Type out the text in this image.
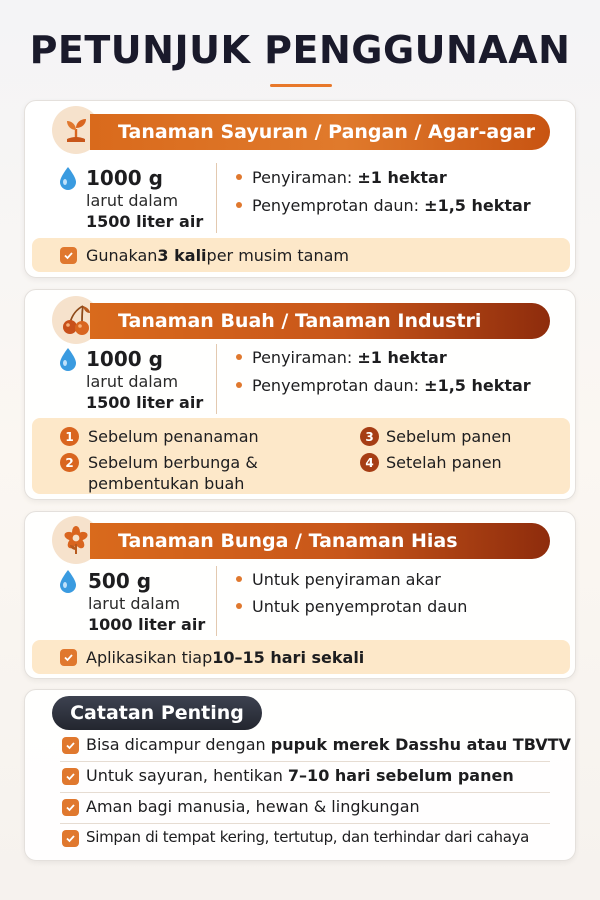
PETUNJUK PENGGUNAAN
Tanaman Sayuran / Pangan / Agar-agar
1000 g
larut dalam
1500 liter air
Penyiraman: ±1 hektar
Penyemprotan daun: ±1,5 hektar
Gunakan 3 kali per musim tanam
Tanaman Buah / Tanaman Industri
1000 g
larut dalam
1500 liter air
Penyiraman: ±1 hektar
Penyemprotan daun: ±1,5 hektar
1 Sebelum penanaman
2 Sebelum berbunga &
pembentukan buah
3 Sebelum panen
4 Setelah panen
Tanaman Bunga / Tanaman Hias
500 g
larut dalam
1000 liter air
Untuk penyiraman akar
Untuk penyemprotan daun
Aplikasikan tiap 10–15 hari sekali
Catatan Penting
Bisa dicampur dengan pupuk merek Dasshu atau TBVTV
Untuk sayuran, hentikan 7–10 hari sebelum panen
Aman bagi manusia, hewan & lingkungan
Simpan di tempat kering, tertutup, dan terhindar dari cahaya
